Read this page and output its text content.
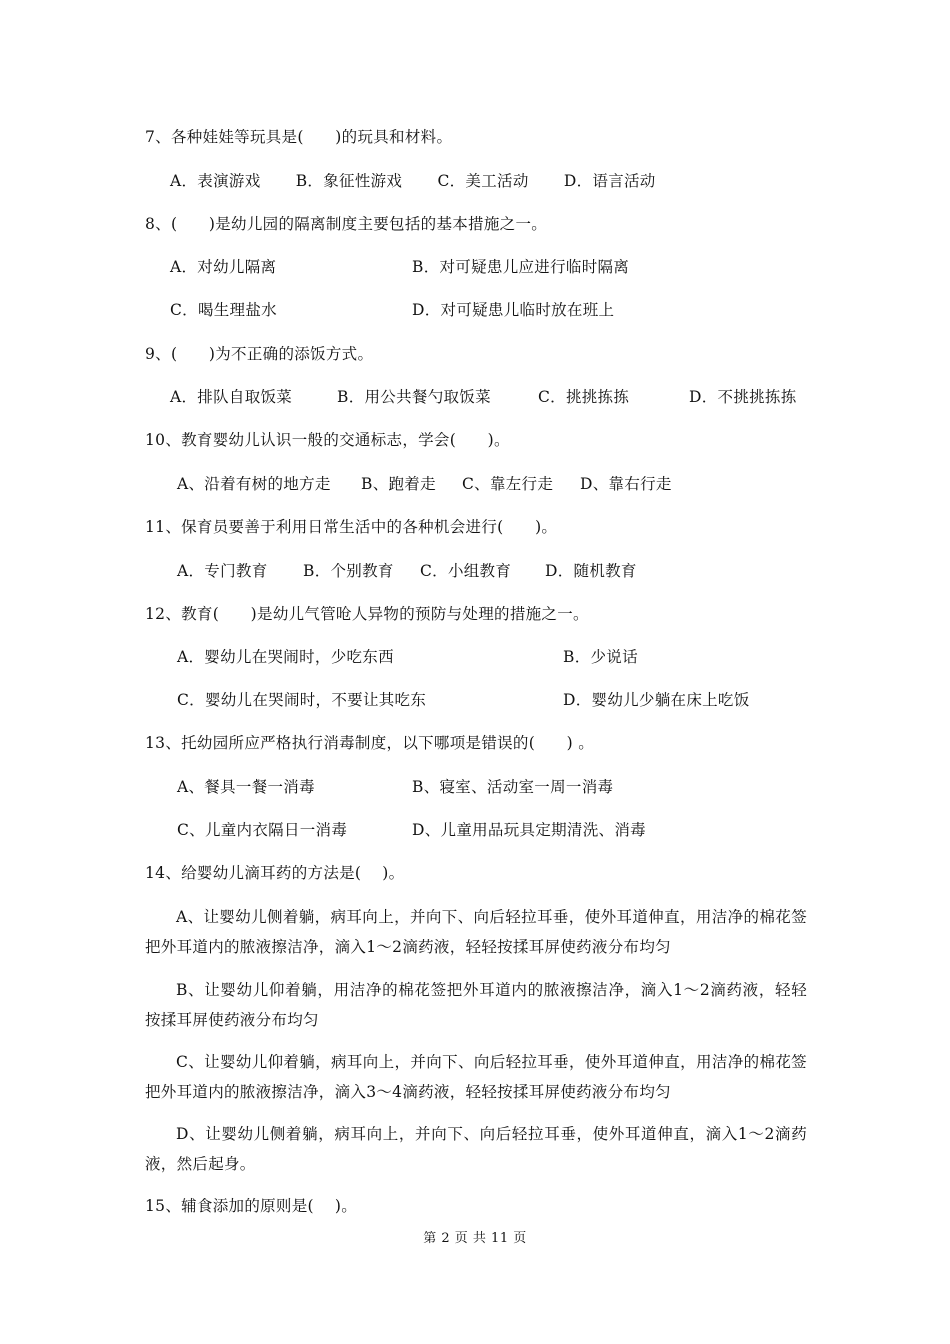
7、各种娃娃等玩具是(　　)的玩具和材料。
A．表演游戏 B．象征性游戏 C．美工活动 D．语言活动
8、(　　)是幼儿园的隔离制度主要包括的基本措施之一。
A．对幼儿隔离	B．对可疑患儿应进行临时隔离
C．喝生理盐水	D．对可疑患儿临时放在班上
9、(　　)为不正确的添饭方式。
A．排队自取饭菜	B．用公共餐勺取饭菜	C．挑挑拣拣	D．不挑挑拣拣
10、教育婴幼儿认识一般的交通标志，学会(　　)。
A、沿着有树的地方走 B、跑着走 C、靠左行走 D、靠右行走
11、保育员要善于利用日常生活中的各种机会进行(　　)。
A．专门教育 B．个别教育 C．小组教育 D．随机教育
12、教育(　　)是幼儿气管呛人异物的预防与处理的措施之一。
A．婴幼儿在哭闹时，少吃东西	B．少说话
C．婴幼儿在哭闹时，不要让其吃东	D．婴幼儿少躺在床上吃饭
13、托幼园所应严格执行消毒制度，以下哪项是错误的(　　) 。
A、餐具一餐一消毒	B、寝室、活动室一周一消毒
C、儿童内衣隔日一消毒	D、儿童用品玩具定期清洗、消毒
14、给婴幼儿滴耳药的方法是(　 )。
A、让婴幼儿侧着躺，病耳向上，并向下、向后轻拉耳垂，使外耳道伸直，用洁净的棉花签把外耳道内的脓液擦洁净，滴入1～2滴药液，轻轻按揉耳屏使药液分布均匀
B、让婴幼儿仰着躺，用洁净的棉花签把外耳道内的脓液擦洁净，滴入1～2滴药液，轻轻按揉耳屏使药液分布均匀
C、让婴幼儿仰着躺，病耳向上，并向下、向后轻拉耳垂，使外耳道伸直，用洁净的棉花签把外耳道内的脓液擦洁净，滴入3～4滴药液，轻轻按揉耳屏使药液分布均匀
D、让婴幼儿侧着躺，病耳向上，并向下、向后轻拉耳垂，使外耳道伸直，滴入1～2滴药液，然后起身。
15、辅食添加的原则是(　 )。
第 2 页 共 11 页
